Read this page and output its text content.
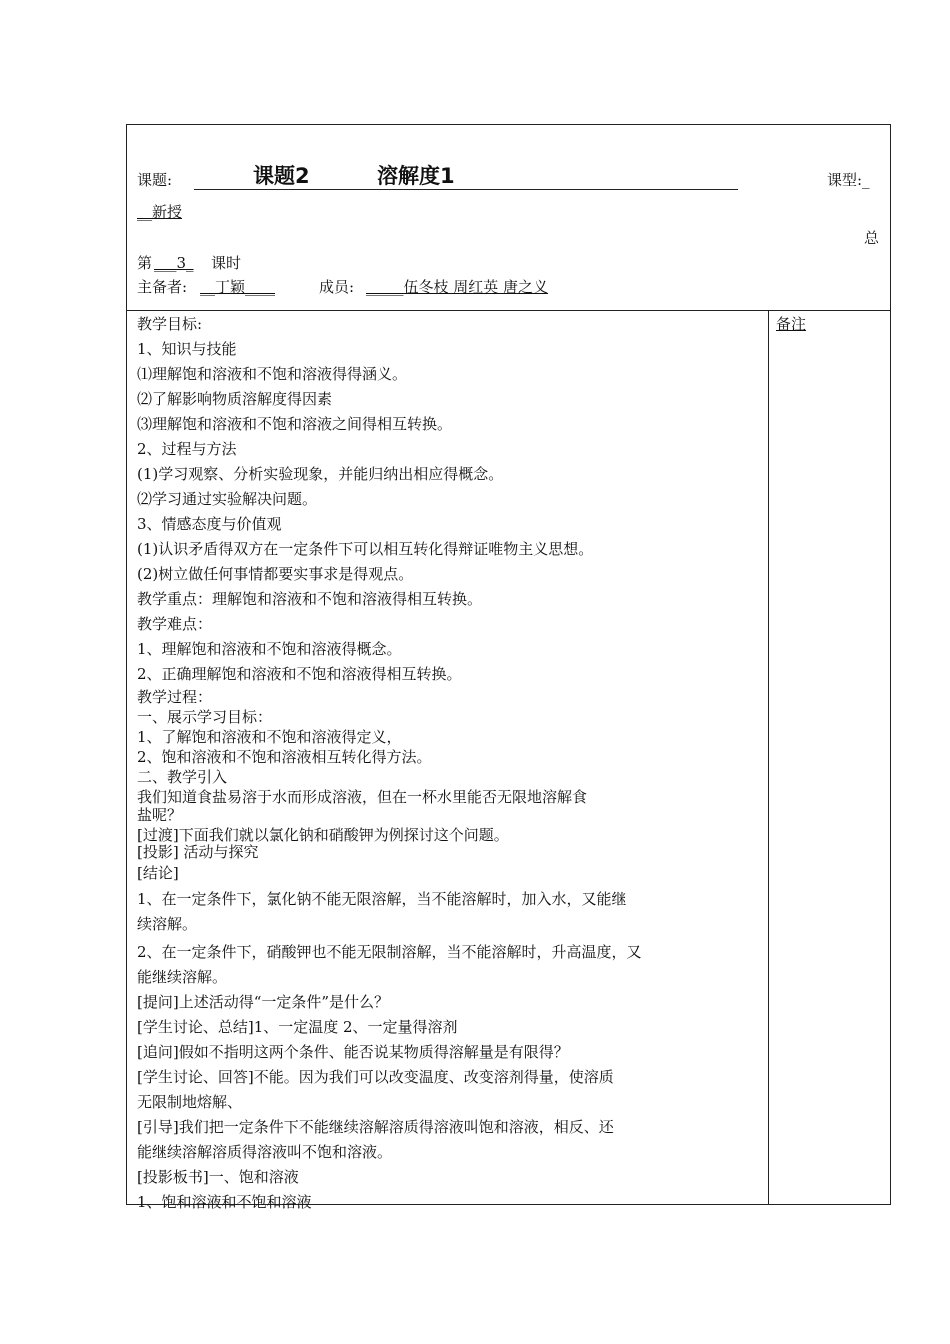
课题:	课题2	溶解度1	课型:_
__新授
总
第 ___3_ 课时
主备者: __丁颖____	成员: _____伍冬枝 周红英 唐之义
教学目标:
1、知识与技能
⑴理解饱和溶液和不饱和溶液得得涵义。
⑵了解影响物质溶解度得因素
⑶理解饱和溶液和不饱和溶液之间得相互转换。
2、过程与方法
(1)学习观察、分析实验现象，并能归纳出相应得概念。
⑵学习通过实验解决问题。
3、情感态度与价值观
(1)认识矛盾得双方在一定条件下可以相互转化得辩证唯物主义思想。
(2)树立做任何事情都要实事求是得观点。
教学重点：理解饱和溶液和不饱和溶液得相互转换。
教学难点：
1、理解饱和溶液和不饱和溶液得概念。
2、正确理解饱和溶液和不饱和溶液得相互转换。
教学过程：
一、展示学习目标：
1、了解饱和溶液和不饱和溶液得定义，
2、饱和溶液和不饱和溶液相互转化得方法。
二、教学引入
我们知道食盐易溶于水而形成溶液，但在一杯水里能否无限地溶解食
盐呢？
[过渡]下面我们就以氯化钠和硝酸钾为例探讨这个问题。
[投影] 活动与探究
[结论]
1、在一定条件下，氯化钠不能无限溶解，当不能溶解时，加入水，又能继
续溶解。
2、在一定条件下，硝酸钾也不能无限制溶解，当不能溶解时，升高温度，又
能继续溶解。
[提问]上述活动得“一定条件”是什么？
[学生讨论、总结]1、一定温度 2、一定量得溶剂
[追问]假如不指明这两个条件、能否说某物质得溶解量是有限得？
[学生讨论、回答]不能。因为我们可以改变温度、改变溶剂得量，使溶质
无限制地熔解、
[引导]我们把一定条件下不能继续溶解溶质得溶液叫饱和溶液，相反、还
能继续溶解溶质得溶液叫不饱和溶液。
[投影板书]一、饱和溶液
1、饱和溶液和不饱和溶液
备注
